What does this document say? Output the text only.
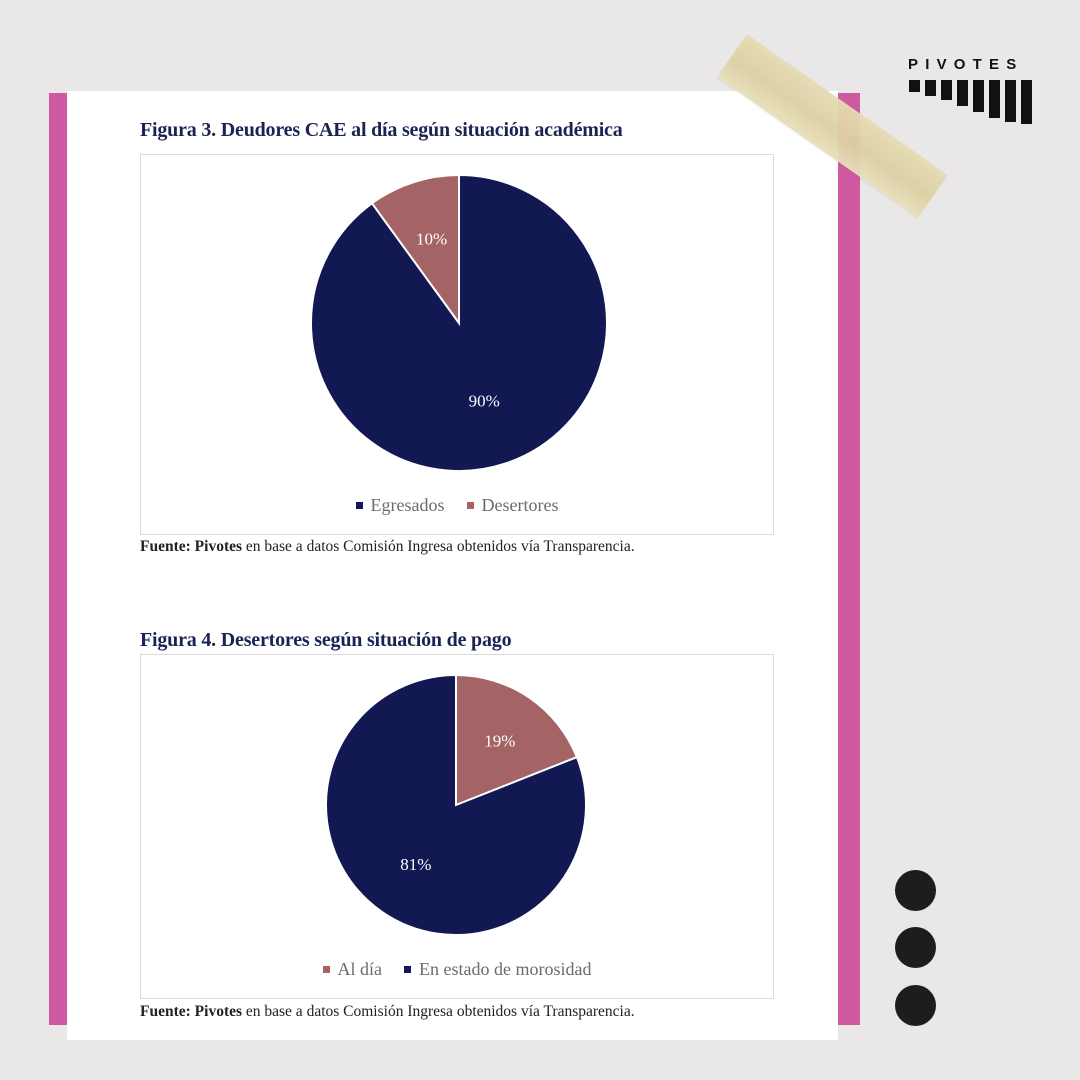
PIVOTES

Figura 3. Deudores CAE al día según situación académica

90%
10%
Egresados Desertores

Fuente: Pivotes en base a datos Comisión Ingresa obtenidos vía Transparencia.

Figura 4. Desertores según situación de pago

19%
81%
Al día En estado de morosidad

Fuente: Pivotes en base a datos Comisión Ingresa obtenidos vía Transparencia.
